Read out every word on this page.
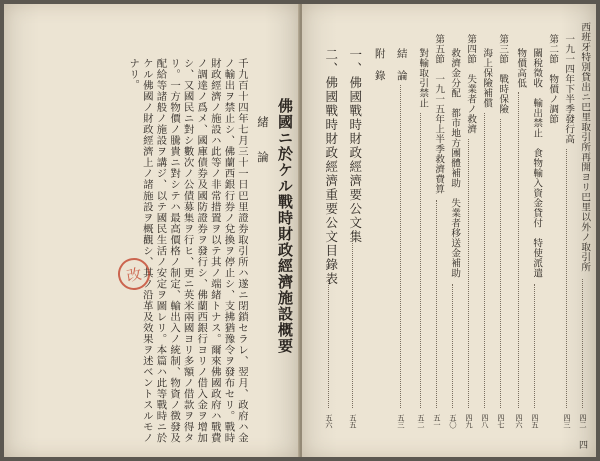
佛國ニ於ケル戰時財政經濟施設概要
緒　論
改	千九百十四年七月三十一日巴里證券取引所ハ遂ニ閉鎖セラレ、翌月、政府ハ金ノ輸出ヲ禁止シ、佛蘭西銀行券ノ兌換ヲ停止シ、支拂猶豫令ヲ發布セリ。戰時財政經濟ノ施設ハ此等ノ非常措置ヲ以テ其ノ端緒トナス。爾來佛國政府ハ戰費ノ調達ノ爲メ、國庫債券及國防證券ヲ發行シ、佛蘭西銀行ヨリノ借入金ヲ增加シ、又國民ニ對シ數次ノ公債募集ヲ行ヒ、更ニ英米兩國ヨリ多額ノ借款ヲ得タリ。一方物價ノ騰貴ニ對シテハ最高價格ノ制定、輸出入ノ統制、物資ノ徴發及配給等諸般ノ施設ヲ講ジ、以テ國民生活ノ安定ヲ圖レリ。本篇ハ此等戰時ニ於ケル佛國ノ財政經濟上ノ諸施設ヲ概觀シ、其ノ沿革及效果ヲ述ベントスルモノナリ。
四
西班牙特別貸出ニ巴里取引所再開ヨリ巴里以外ノ取引所
四二
一九一四年下半季發行高
四三
第二節　物價ノ調節
關稅徵收　輸出禁止　食物輸入資金貸付　特使派遣
四五
物價高低
四六
第三節　戰時保險
四七
海上保險補償
四八
第四節　失業者ノ救濟
四九
救濟金分配　都市地方團體補助　失業者移送金補助
五〇
第五節　一九一五年上半季救濟費算
五一
對輸取引禁止
五二
結　論
五三
附　錄
一、佛國戰時財政經濟要公文集
五五
二、佛國戰時財政經濟重要公文目錄表
五六
